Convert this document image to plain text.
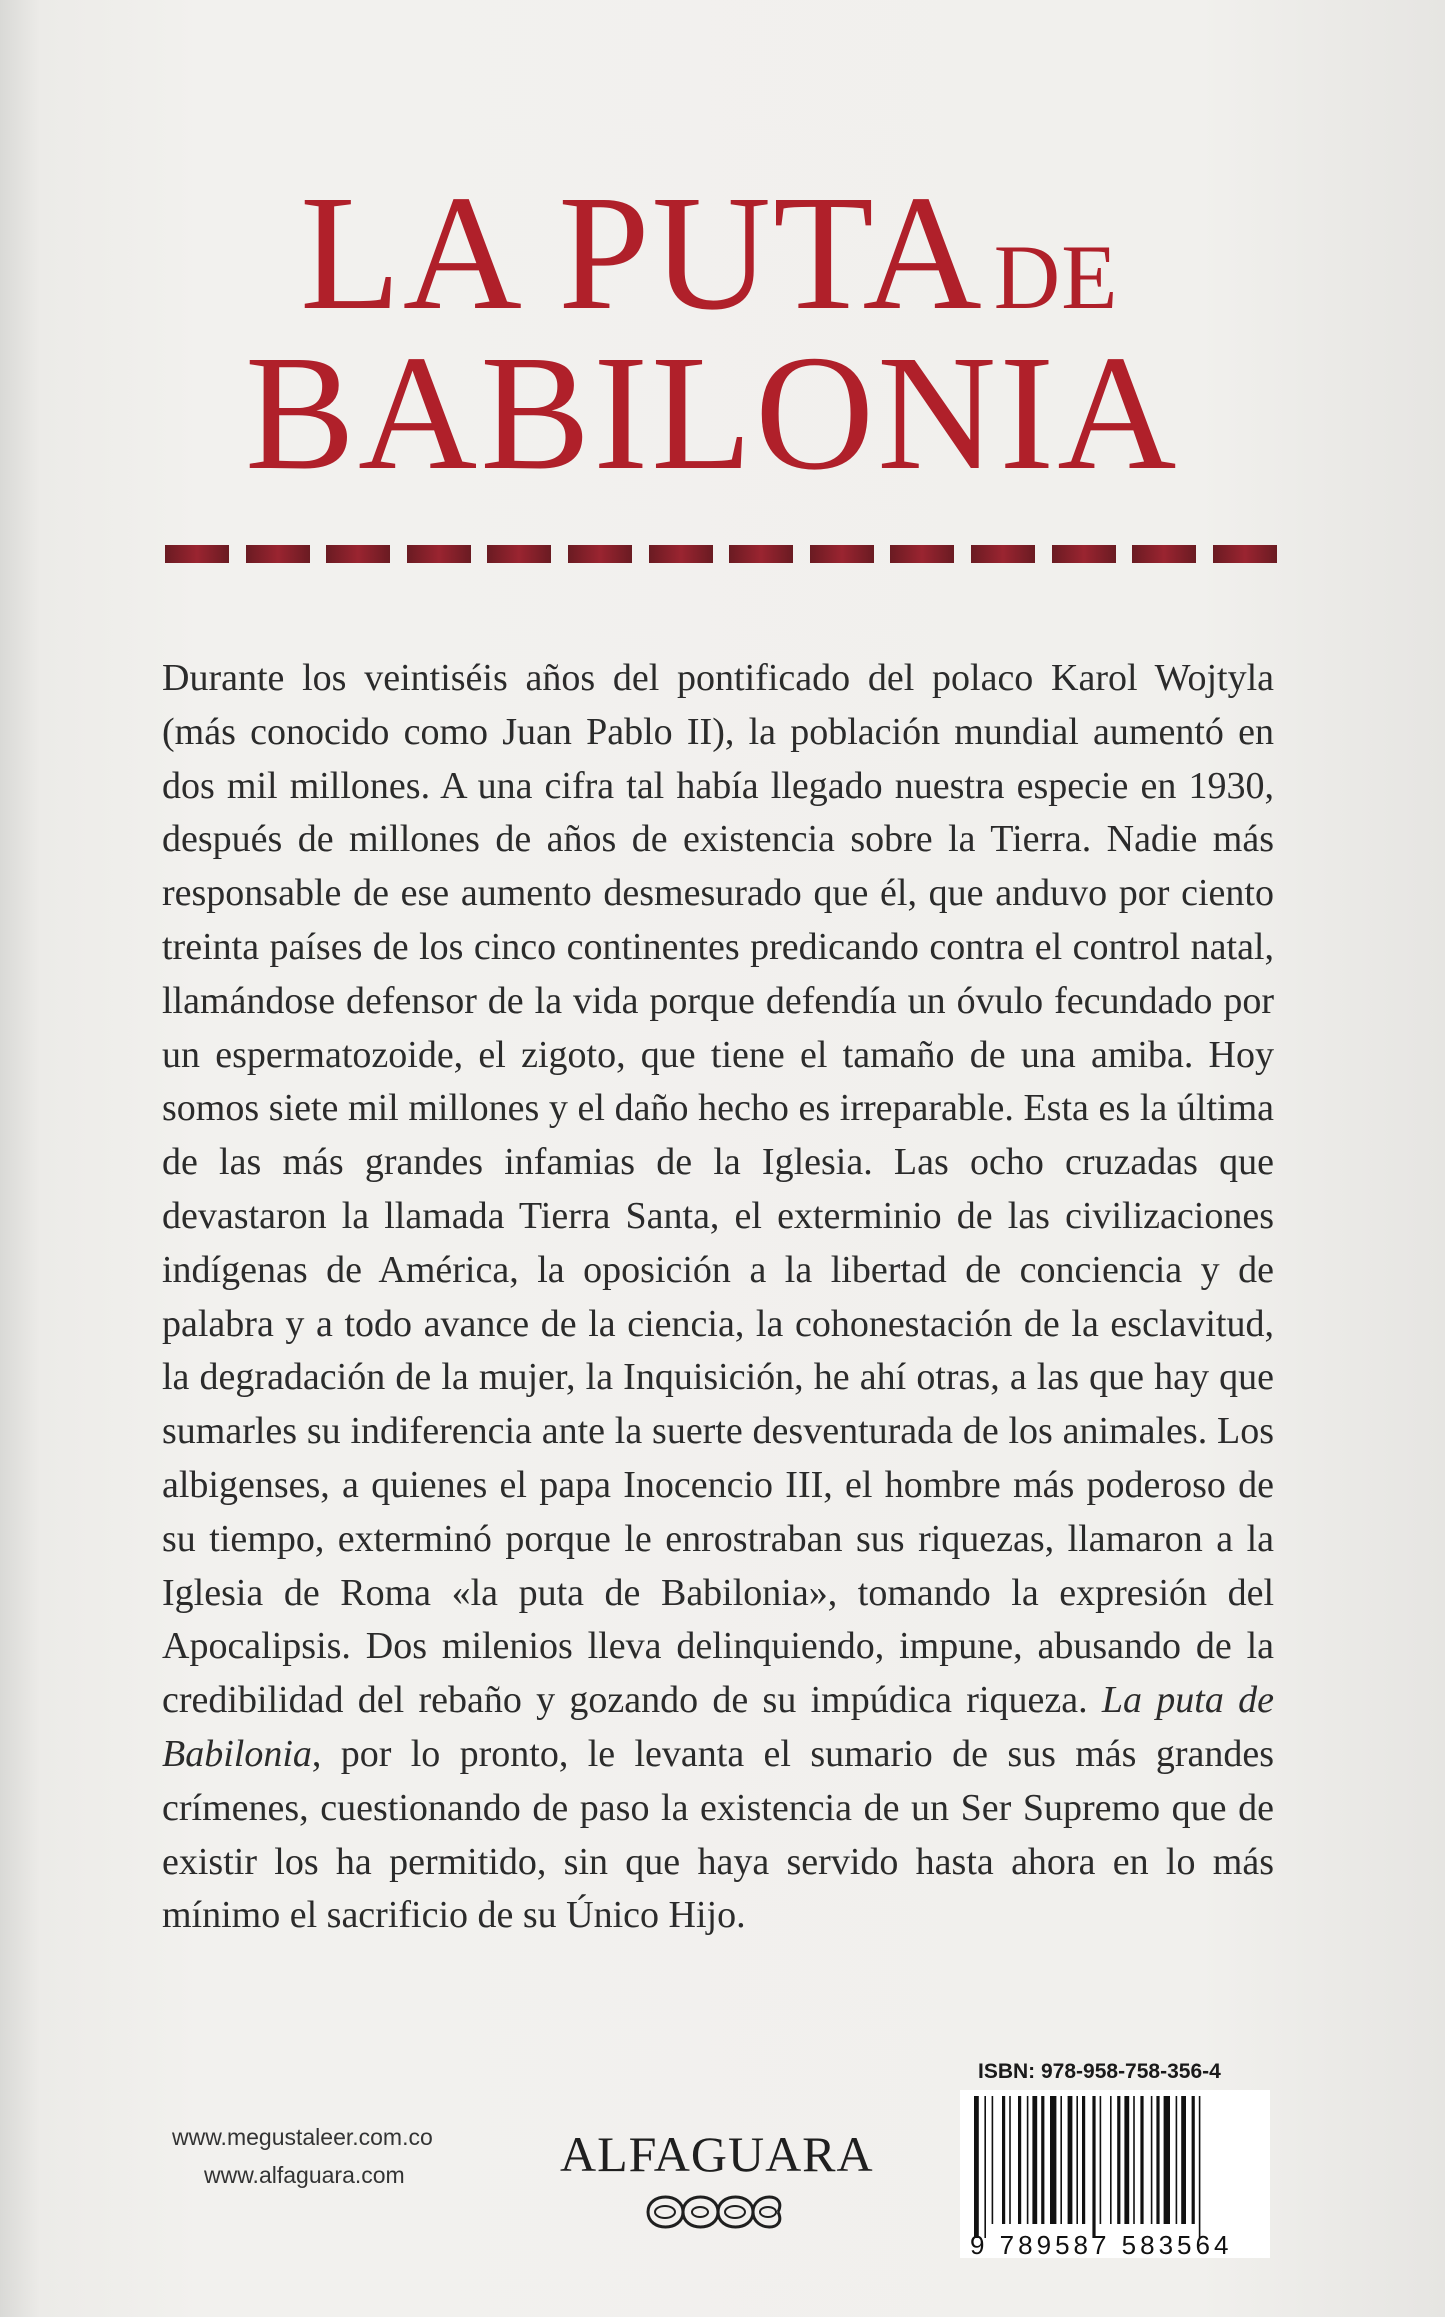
LA PUTA DE
BABILONIA

Durante los veintiséis años del pontificado del polaco Karol Wojtyla (más conocido como Juan Pablo II), la población mundial aumentó en dos mil millones. A una cifra tal había llegado nuestra especie en 1930, después de millones de años de existencia sobre la Tierra. Nadie más responsable de ese aumento desmesurado que él, que anduvo por ciento treinta países de los cinco continentes predicando contra el control natal, llamándose defensor de la vida porque defendía un óvulo fecundado por un espermatozoide, el zigoto, que tiene el tamaño de una amiba. Hoy somos siete mil millones y el daño hecho es irreparable. Esta es la última de las más grandes infamias de la Iglesia. Las ocho cruzadas que devastaron la llamada Tierra Santa, el exterminio de las civilizaciones indígenas de América, la oposición a la libertad de conciencia y de palabra y a todo avance de la ciencia, la cohonestación de la esclavitud, la degradación de la mujer, la Inquisición, he ahí otras, a las que hay que sumarles su indiferencia ante la suerte desventurada de los animales. Los albigenses, a quienes el papa Inocencio III, el hombre más poderoso de su tiempo, exterminó porque le enrostraban sus riquezas, llamaron a la Iglesia de Roma «la puta de Babilonia», tomando la expresión del Apocalipsis. Dos milenios lleva delinquiendo, impune, abusando de la credibilidad del rebaño y gozando de su impúdica riqueza. La puta de Babilonia, por lo pronto, le levanta el sumario de sus más grandes crímenes, cuestionando de paso la existencia de un Ser Supremo que de existir los ha permitido, sin que haya servido hasta ahora en lo más mínimo el sacrificio de su Único Hijo.

www.megustaleer.com.co
www.alfaguara.com	ALFAGUARA
ISBN: 978-958-758-356-4
9 789587 583564
